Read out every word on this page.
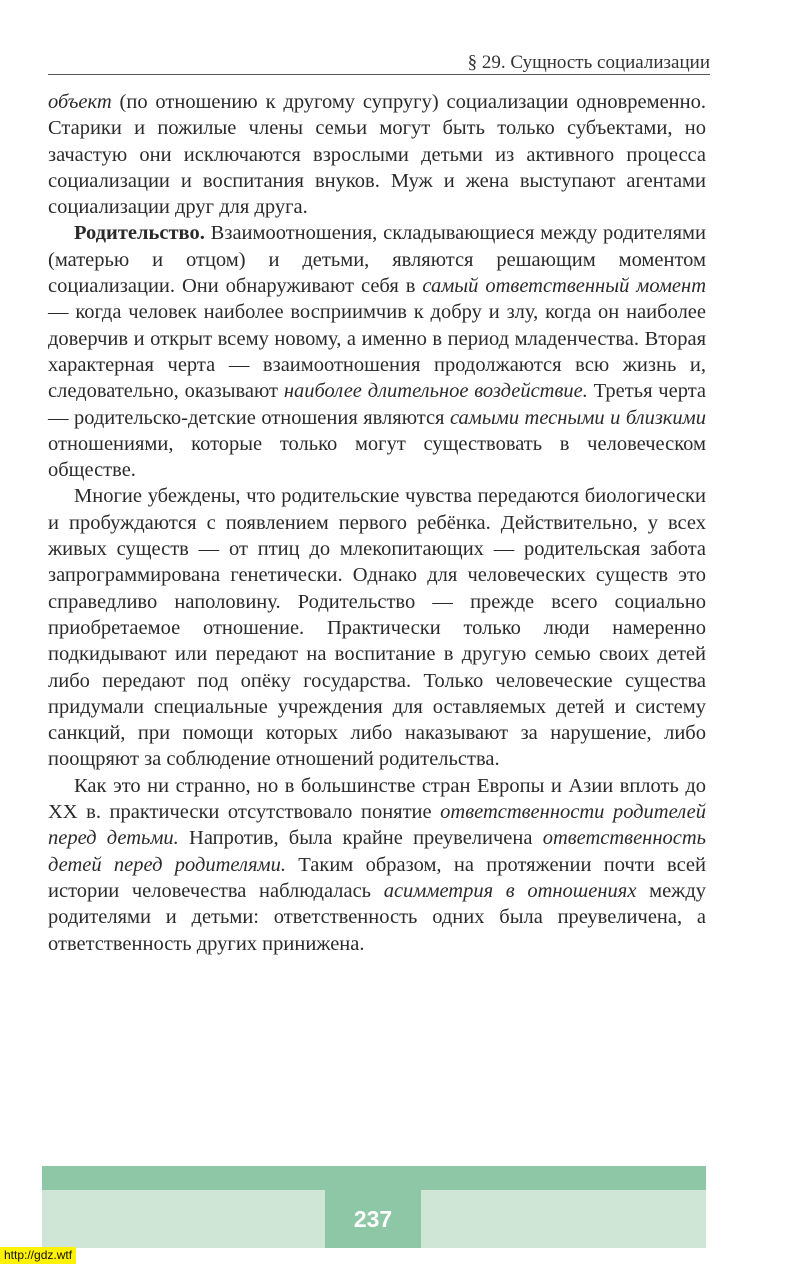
§ 29. Сущность социализации

объект (по отношению к другому супругу) социализации одновременно. Старики и пожилые члены семьи могут быть только субъектами, но зачастую они исключаются взрослыми детьми из активного процесса социализации и воспитания внуков. Муж и жена выступают агентами социализации друг для друга.

Родительство. Взаимоотношения, складывающиеся между родителями (матерью и отцом) и детьми, являются решающим моментом социализации. Они обнаруживают себя в самый ответственный момент — когда человек наиболее восприимчив к добру и злу, когда он наиболее доверчив и открыт всему новому, а именно в период младенчества. Вторая характерная черта — взаимоотношения продолжаются всю жизнь и, следовательно, оказывают наиболее длительное воздействие. Третья черта — родительско-детские отношения являются самыми тесными и близкими отношениями, которые только могут существовать в человеческом обществе.

Многие убеждены, что родительские чувства передаются биологически и пробуждаются с появлением первого ребёнка. Действительно, у всех живых существ — от птиц до млекопитающих — родительская забота запрограммирована генетически. Однако для человеческих существ это справедливо наполовину. Родительство — прежде всего социально приобретаемое отношение. Практически только люди намеренно подкидывают или передают на воспитание в другую семью своих детей либо передают под опёку государства. Только человеческие существа придумали специальные учреждения для оставляемых детей и систему санкций, при помощи которых либо наказывают за нарушение, либо поощряют за соблюдение отношений родительства.

Как это ни странно, но в большинстве стран Европы и Азии вплоть до XX в. практически отсутствовало понятие ответственности родителей перед детьми. Напротив, была крайне преувеличена ответственность детей перед родителями. Таким образом, на протяжении почти всей истории человечества наблюдалась асимметрия в отношениях между родителями и детьми: ответственность одних была преувеличена, а ответственность других принижена.

237
http://gdz.wtf
